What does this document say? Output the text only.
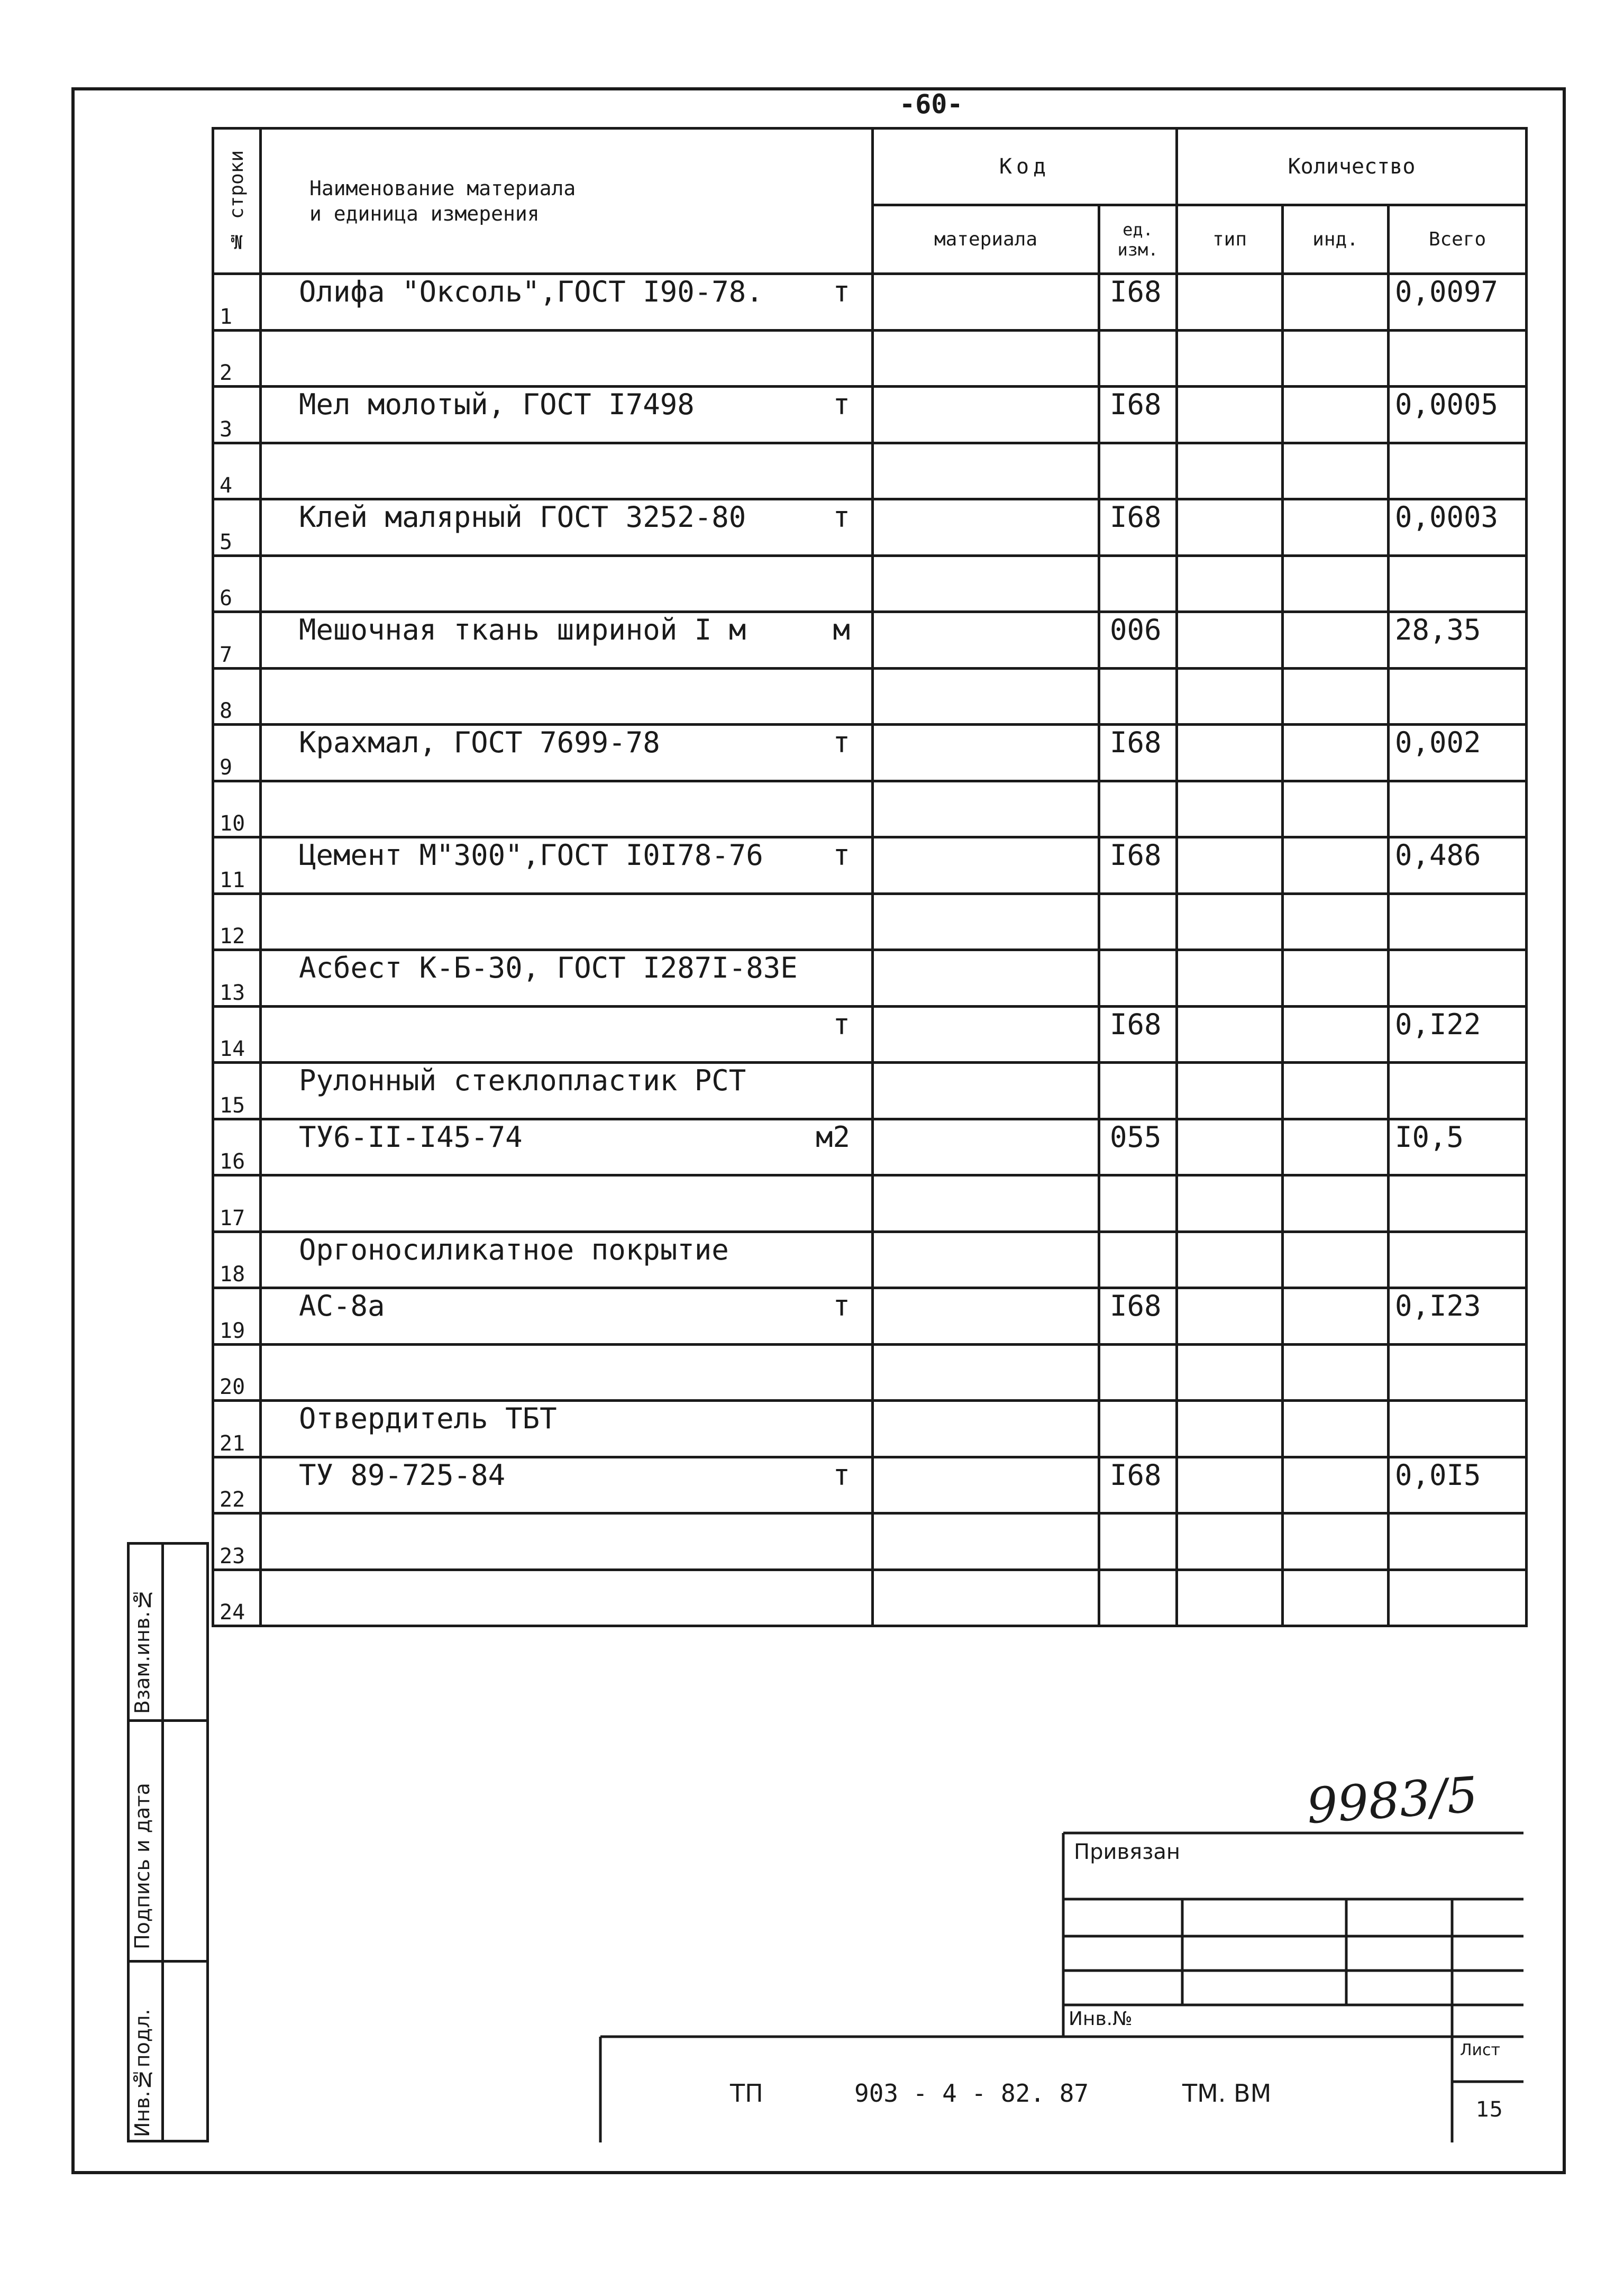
-60-
№ строки	Наименование материала
и единица измерения	Код		Количество		
		материала	ед. изм.	тип	инд.	Всего
1	Олифа "Оксоль",ГОСТ I90-78. т		I68			0,0097
2	

3	Мел молотый, ГОСТ I7498 т		I68			0,0005
4	

5	Клей малярный ГОСТ 3252-80 т		I68			0,0003
6	

7	Мешочная ткань шириной I м м		006			28,35
8	

9	Крахмал, ГОСТ 7699-78 т		I68			0,002
10	

11	Цемент М"300",ГОСТ I0I78-76 т		I68			0,486
12	

13	Асбест К-Б-30, ГОСТ I287I-83Е

14	т		I68			0,I22
15	Рулонный стеклопластик РСТ

16	ТУ6-II-I45-74 м2		055			I0,5
17	

18	Оргоносиликатное покрытие

19	АС-8а т		I68			0,I23
20	

21	Отвердитель ТБТ

22	ТУ 89-725-84 т		I68			0,0I5
23	

24	

Взам.инв.№
Подпись и дата
Инв.№подл.
9983/5
Привязан
Инв.№
Лист
15
ТП	903 - 4 - 82. 87	ТМ. ВМ
